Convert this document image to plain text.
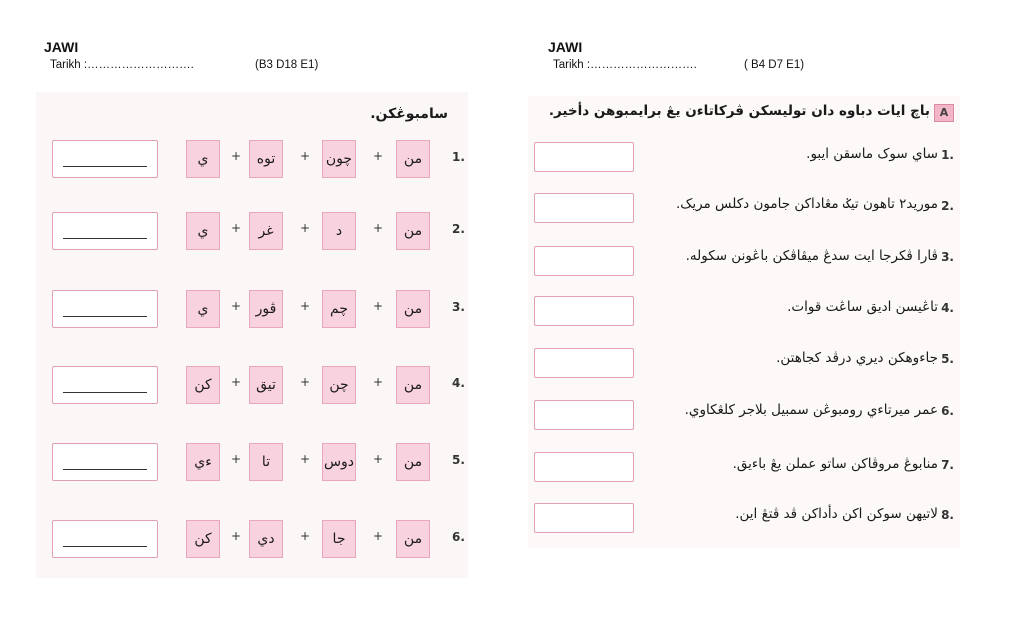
JAWI
Tarikh :……………………….	(B3 D18 E1)
JAWI
Tarikh :……………………….	( B4 D7 E1)
سامبوڠكن.
ي	+	توه	+ چون	+	من	1.
ي	+	غر	+	د	+	من	2.
ي	+	ڤور	+	چم	+	من	3.
كن	+	تيق	+	چن	+	من	4.
ءي	+	تا	+ دوس +	من	5.
كن	+	دي	+	جا	+	من	6.
A
باچ ايات دباوه دان توليسكن ڤركاتاءن يڠ برايمبوهن دأخير.
ساي سوک ماسقن ايبو. 1.
موريد٢ تاهون تيݢ مڠاداكن جامون دكلس مريک. 2.
ڤارا ڤكرجا ايت سدڠ ميڤاڤكن باڠونن سكوله. 3.
تاڠيسن اديق ساڠت قوات. 4.
جاءوهكن ديري درڤد كجاهتن. 5.
عمر ميرتاءي رومبوڠن سمبيل بلاجر كلڠكاوي. 6.
منابوڠ مروڤاكن ساتو عملن يڠ باءيق. 7.
لاتيهن سوكن اكن دأداكن ڤد ڤتڠ اين. 8.
